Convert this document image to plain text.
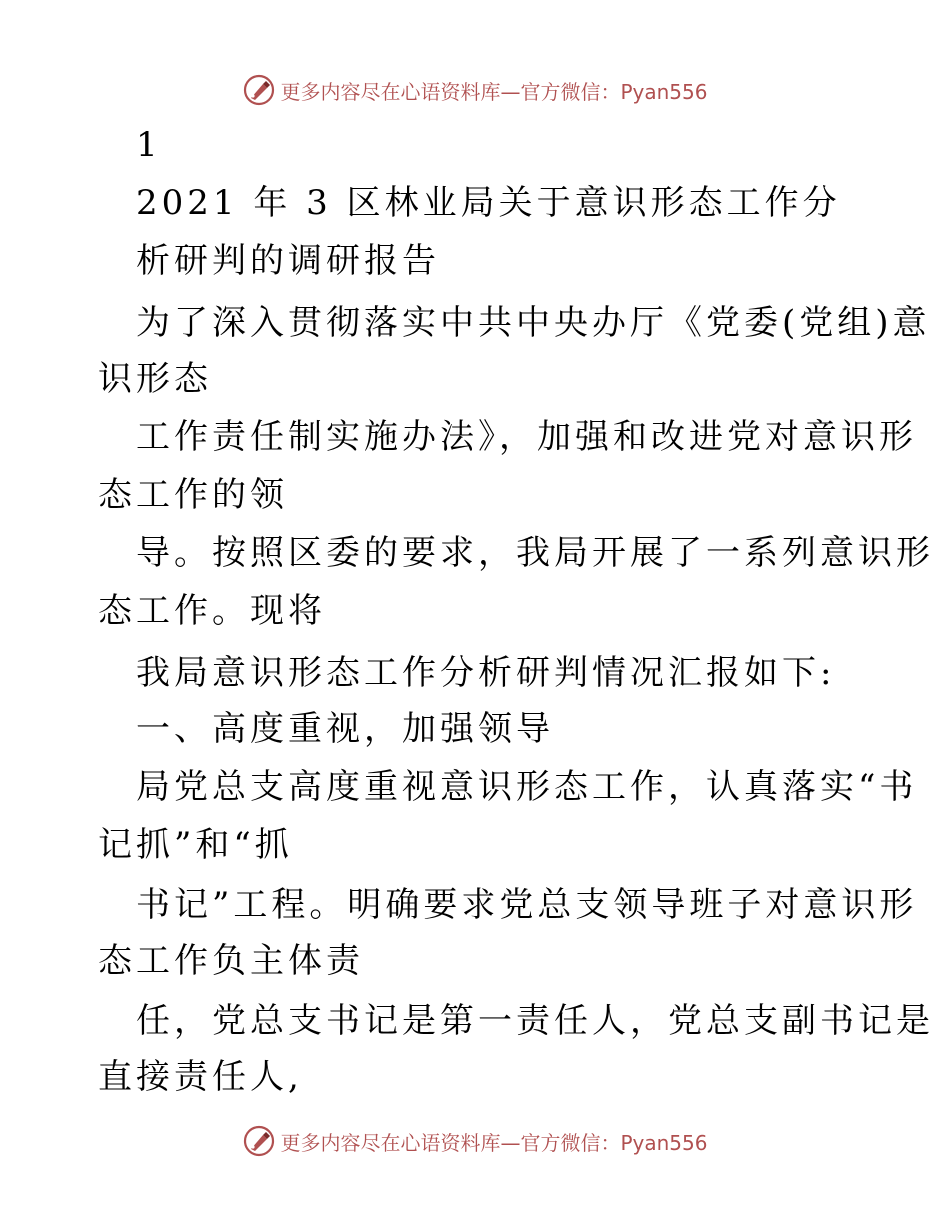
更多内容尽在心语资料库—官方微信：Pyan556
1
2021 年 3 区林业局关于意识形态工作分
析研判的调研报告
为了深入贯彻落实中共中央办厅《党委(党组)意
识形态
工作责任制实施办法》，加强和改进党对意识形
态工作的领
导。按照区委的要求，我局开展了一系列意识形
态工作。现将
我局意识形态工作分析研判情况汇报如下:
一、高度重视，加强领导
局党总支高度重视意识形态工作，认真落实“书
记抓”和“抓
书记”工程。明确要求党总支领导班子对意识形
态工作负主体责
任，党总支书记是第一责任人，党总支副书记是
直接责任人,
更多内容尽在心语资料库—官方微信：Pyan556
